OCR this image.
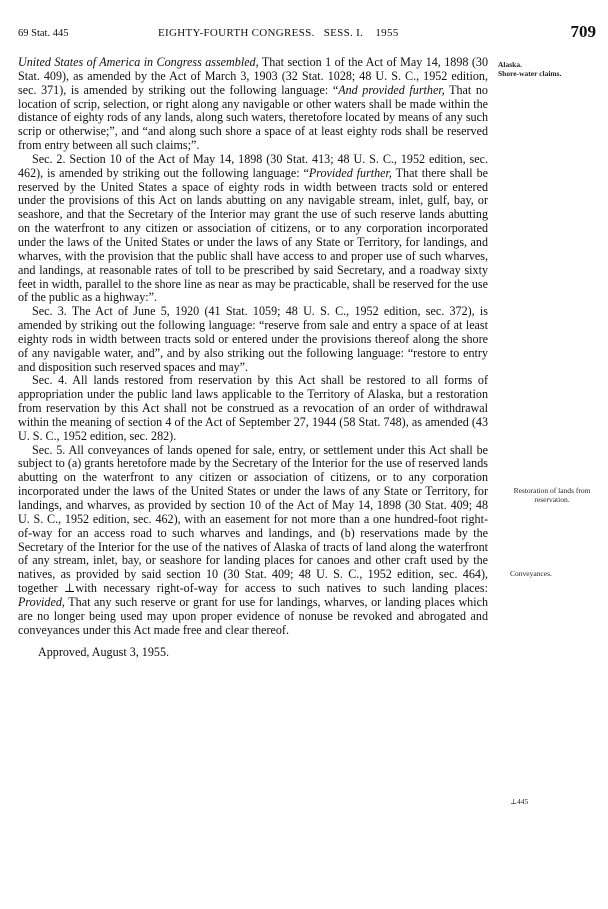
69 Stat. 445	EIGHTY-FOURTH CONGRESS. SESS. I. 1955	709

United States of America in Congress assembled, That section 1 of the Act of May 14, 1898 (30 Stat. 409), as amended by the Act of March 3, 1903 (32 Stat. 1028; 48 U. S. C., 1952 edition, sec. 371), is amended by striking out the following language: “And provided further, That no location of scrip, selection, or right along any navigable or other waters shall be made within the distance of eighty rods of any lands, along such waters, theretofore located by means of any such scrip or otherwise;”, and “and along such shore a space of at least eighty rods shall be reserved from entry between all such claims;”.

Sec. 2. Section 10 of the Act of May 14, 1898 (30 Stat. 413; 48 U. S. C., 1952 edition, sec. 462), is amended by striking out the following language: “Provided further, That there shall be reserved by the United States a space of eighty rods in width between tracts sold or entered under the provisions of this Act on lands abutting on any navigable stream, inlet, gulf, bay, or seashore, and that the Secretary of the Interior may grant the use of such reserve lands abutting on the waterfront to any citizen or association of citizens, or to any corporation incorporated under the laws of the United States or under the laws of any State or Territory, for landings, and wharves, with the provision that the public shall have access to and proper use of such wharves, and landings, at reasonable rates of toll to be prescribed by said Secretary, and a roadway sixty feet in width, parallel to the shore line as near as may be practicable, shall be reserved for the use of the public as a highway:”.

Sec. 3. The Act of June 5, 1920 (41 Stat. 1059; 48 U. S. C., 1952 edition, sec. 372), is amended by striking out the following language: “reserve from sale and entry a space of at least eighty rods in width between tracts sold or entered under the provisions thereof along the shore of any navigable water, and”, and by also striking out the following language: “restore to entry and disposition such reserved spaces and may”.

Sec. 4. All lands restored from reservation by this Act shall be restored to all forms of appropriation under the public land laws applicable to the Territory of Alaska, but a restoration from reservation by this Act shall not be construed as a revocation of an order of withdrawal within the meaning of section 4 of the Act of September 27, 1944 (58 Stat. 748), as amended (43 U. S. C., 1952 edition, sec. 282).

Sec. 5. All conveyances of lands opened for sale, entry, or settlement under this Act shall be subject to (a) grants heretofore made by the Secretary of the Interior for the use of reserved lands abutting on the waterfront to any citizen or association of citizens, or to any corporation incorporated under the laws of the United States or under the laws of any State or Territory, for landings, and wharves, as provided by section 10 of the Act of May 14, 1898 (30 Stat. 409; 48 U. S. C., 1952 edition, sec. 462), with an easement for not more than a one hundred-foot right-of-way for an access road to such wharves and landings, and (b) reservations made by the Secretary of the Interior for the use of the natives of Alaska of tracts of land along the waterfront of any stream, inlet, bay, or seashore for landing places for canoes and other craft used by the natives, as provided by said section 10 (30 Stat. 409; 48 U. S. C., 1952 edition, sec. 464), together ⊥with necessary right-of-way for access to such natives to such landing places: Provided, That any such reserve or grant for use for landings, wharves, or landing places which are no longer being used may upon proper evidence of nonuse be revoked and abrogated and conveyances under this Act made free and clear thereof.

Approved, August 3, 1955.

Alaska.
Shore-water claims.
Restoration of lands from reservation.
Conveyances.
⊥445
